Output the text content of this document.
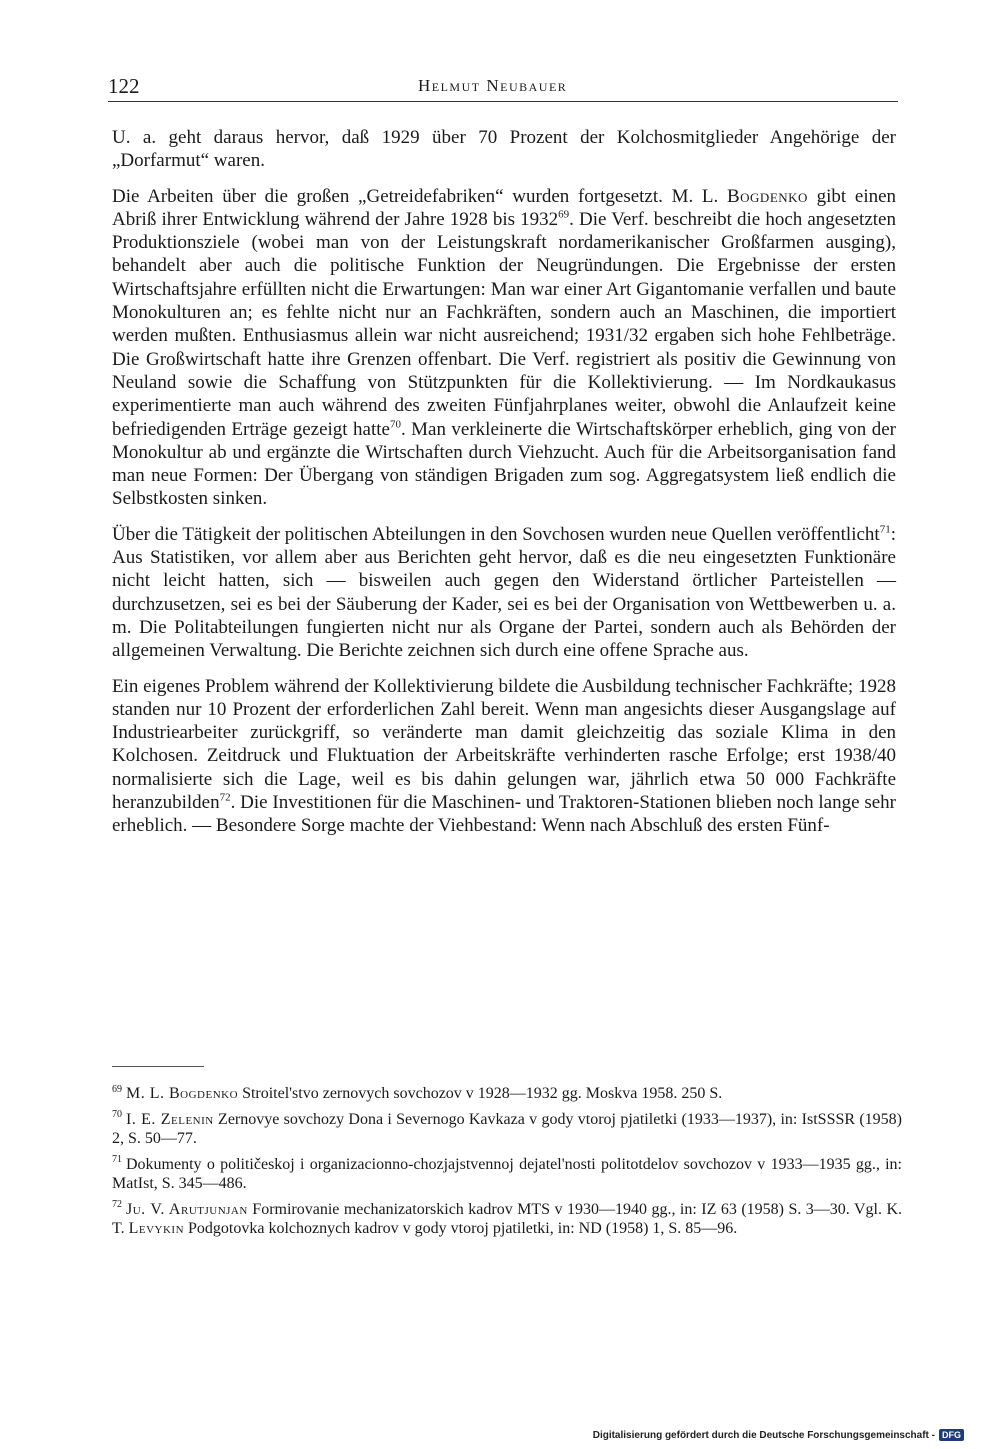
122	Helmut Neubauer

U. a. geht daraus hervor, daß 1929 über 70 Prozent der Kolchosmitglieder Angehörige der „Dorfarmut“ waren.

Die Arbeiten über die großen „Getreidefabriken“ wurden fortgesetzt. M. L. Bogdenko gibt einen Abriß ihrer Entwicklung während der Jahre 1928 bis 1932$^{69}$. Die Verf. beschreibt die hoch angesetzten Produktionsziele (wobei man von der Leistungskraft nordamerikanischer Großfarmen ausging), behandelt aber auch die politische Funktion der Neugründungen. Die Ergebnisse der ersten Wirtschaftsjahre erfüllten nicht die Erwartungen: Man war einer Art Gigantomanie verfallen und baute Monokulturen an; es fehlte nicht nur an Fachkräften, sondern auch an Maschinen, die importiert werden mußten. Enthusiasmus allein war nicht ausreichend; 1931/32 ergaben sich hohe Fehlbeträge. Die Großwirtschaft hatte ihre Grenzen offenbart. Die Verf. registriert als positiv die Gewinnung von Neuland sowie die Schaffung von Stützpunkten für die Kollektivierung. — Im Nordkaukasus experimentierte man auch während des zweiten Fünfjahrplanes weiter, obwohl die Anlaufzeit keine befriedigenden Erträge gezeigt hatte$^{70}$. Man verkleinerte die Wirtschaftskörper erheblich, ging von der Monokultur ab und ergänzte die Wirtschaften durch Viehzucht. Auch für die Arbeitsorganisation fand man neue Formen: Der Übergang von ständigen Brigaden zum sog. Aggregatsystem ließ endlich die Selbstkosten sinken.

Über die Tätigkeit der politischen Abteilungen in den Sovchosen wurden neue Quellen veröffentlicht$^{71}$: Aus Statistiken, vor allem aber aus Berichten geht hervor, daß es die neu eingesetzten Funktionäre nicht leicht hatten, sich — bisweilen auch gegen den Widerstand örtlicher Parteistellen — durchzusetzen, sei es bei der Säuberung der Kader, sei es bei der Organisation von Wettbewerben u. a. m. Die Politabteilungen fungierten nicht nur als Organe der Partei, sondern auch als Behörden der allgemeinen Verwaltung. Die Berichte zeichnen sich durch eine offene Sprache aus.

Ein eigenes Problem während der Kollektivierung bildete die Ausbildung technischer Fachkräfte; 1928 standen nur 10 Prozent der erforderlichen Zahl bereit. Wenn man angesichts dieser Ausgangslage auf Industriearbeiter zurückgriff, so veränderte man damit gleichzeitig das soziale Klima in den Kolchosen. Zeitdruck und Fluktuation der Arbeitskräfte verhinderten rasche Erfolge; erst 1938/40 normalisierte sich die Lage, weil es bis dahin gelungen war, jährlich etwa 50 000 Fachkräfte heranzubilden$^{72}$. Die Investitionen für die Maschinen- und Traktoren-Stationen blieben noch lange sehr erheblich. — Besondere Sorge machte der Viehbestand: Wenn nach Abschluß des ersten Fünf-

$^{69}$ M. L. Bogdenko Stroitel'stvo zernovych sovchozov v 1928—1932 gg. Moskva 1958. 250 S.
$^{70}$ I. E. Zelenin Zernovye sovchozy Dona i Severnogo Kavkaza v gody vtoroj pjatiletki (1933—1937), in: IstSSSR (1958) 2, S. 50—77.
$^{71}$ Dokumenty o političeskoj i organizacionno-chozjajstvennoj dejatel'nosti politotdelov sovchozov v 1933—1935 gg., in: MatIst, S. 345—486.
$^{72}$ Ju. V. Arutjunjan Formirovanie mechanizatorskich kadrov MTS v 1930—1940 gg., in: IZ 63 (1958) S. 3—30. Vgl. K. T. Levykin Podgotovka kolchoznych kadrov v gody vtoroj pjatiletki, in: ND (1958) 1, S. 85—96.
Digitalisierung gefördert durch die Deutsche Forschungsgemeinschaft - DFG
